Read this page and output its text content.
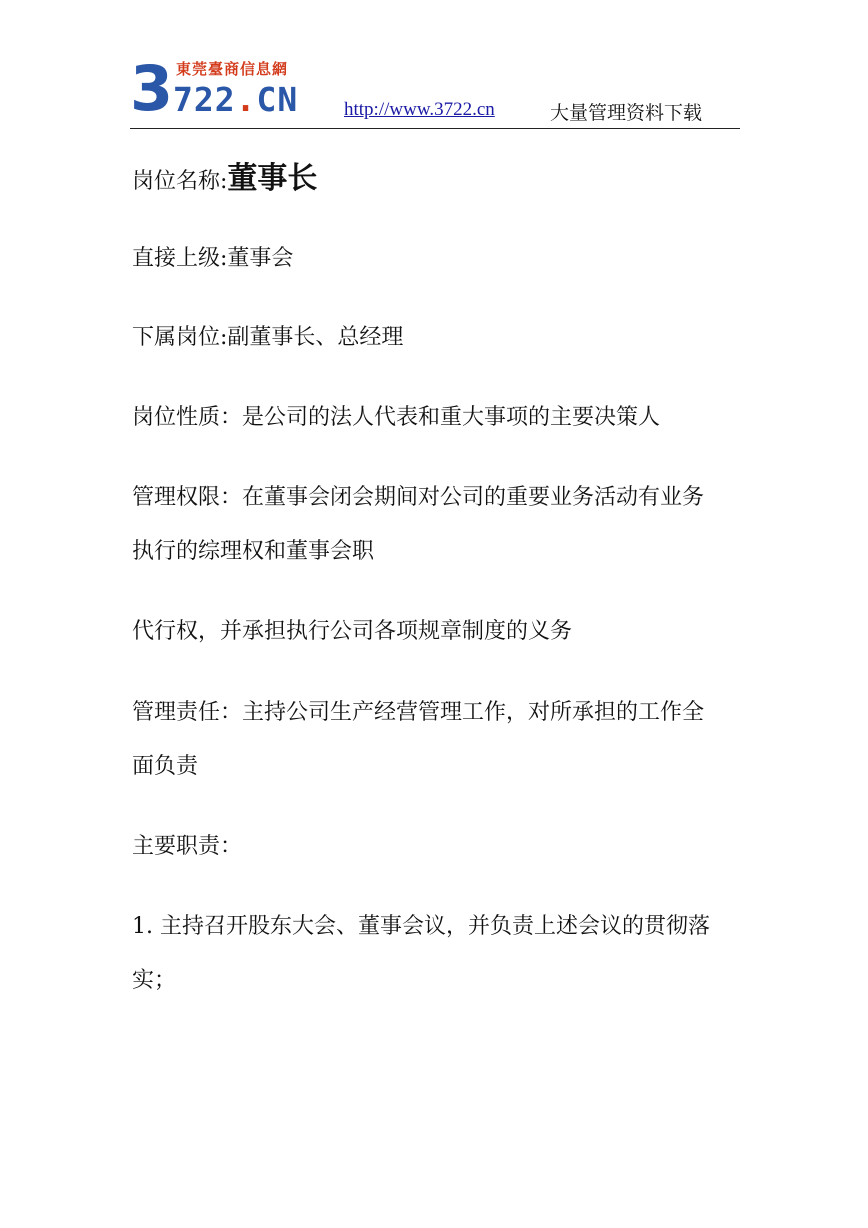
3 東莞臺商信息網
722.CN http://www.3722.cn	大量管理资料下载
岗位名称:董事长
直接上级:董事会
下属岗位:副董事长、总经理
岗位性质：是公司的法人代表和重大事项的主要决策人
管理权限：在董事会闭会期间对公司的重要业务活动有业务
执行的综理权和董事会职
代行权，并承担执行公司各项规章制度的义务
管理责任：主持公司生产经营管理工作，对所承担的工作全
面负责
主要职责：
1. 主持召开股东大会、董事会议，并负责上述会议的贯彻落
实；
